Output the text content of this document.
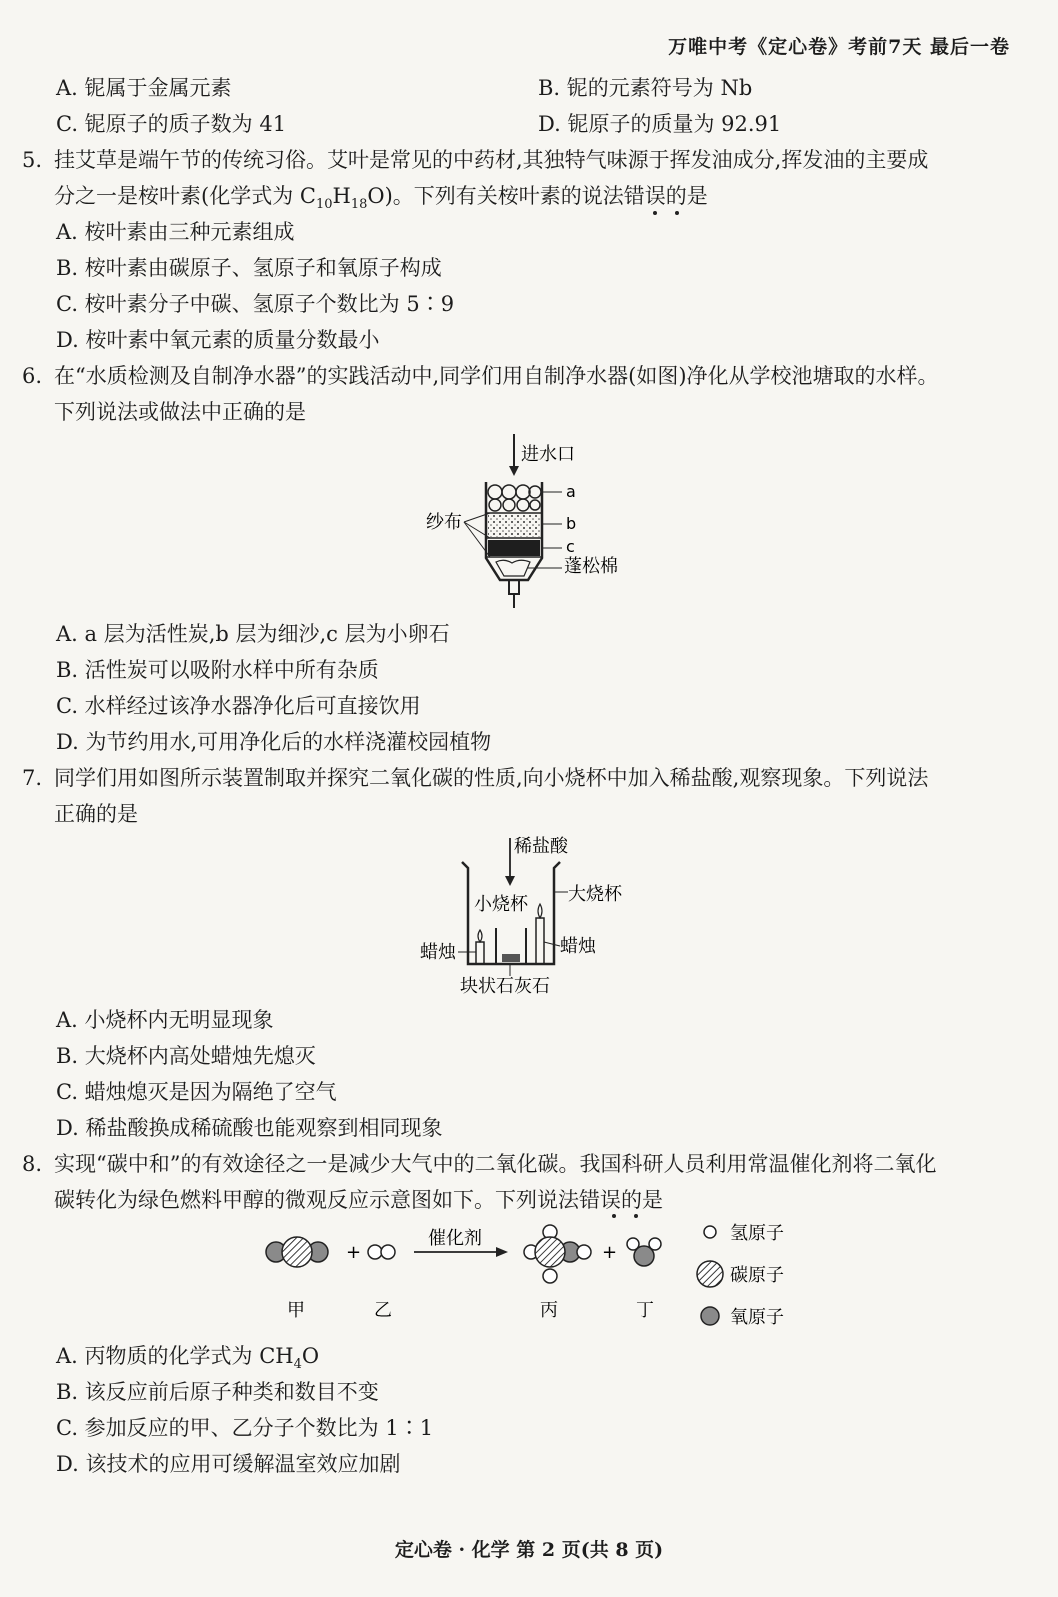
万唯中考《定心卷》考前7天 最后一卷
A. 铌属于金属元素	B. 铌的元素符号为 Nb
C. 铌原子的质子数为 41	D. 铌原子的质量为 92.91
5. 挂艾草是端午节的传统习俗。艾叶是常见的中药材,其独特气味源于挥发油成分,挥发油的主要成
分之一是桉叶素(化学式为 $C_{10}H_{18}O$)。下列有关桉叶素的说法错误的是
A. 桉叶素由三种元素组成
B. 桉叶素由碳原子、氢原子和氧原子构成
C. 桉叶素分子中碳、氢原子个数比为 5∶9
D. 桉叶素中氧元素的质量分数最小
6. 在“水质检测及自制净水器”的实践活动中,同学们用自制净水器(如图)净化从学校池塘取的水样。
下列说法或做法中正确的是
进水口
纱布
a
b
c
蓬松棉
A. a 层为活性炭,b 层为细沙,c 层为小卵石
B. 活性炭可以吸附水样中所有杂质
C. 水样经过该净水器净化后可直接饮用
D. 为节约用水,可用净化后的水样浇灌校园植物
7. 同学们用如图所示装置制取并探究二氧化碳的性质,向小烧杯中加入稀盐酸,观察现象。下列说法
正确的是
稀盐酸
大烧杯
小烧杯
蜡烛	蜡烛
块状石灰石
A. 小烧杯内无明显现象
B. 大烧杯内高处蜡烛先熄灭
C. 蜡烛熄灭是因为隔绝了空气
D. 稀盐酸换成稀硫酸也能观察到相同现象
8. 实现“碳中和”的有效途径之一是减少大气中的二氧化碳。我国科研人员利用常温催化剂将二氧化
碳转化为绿色燃料甲醇的微观反应示意图如下。下列说法错误的是
+
催化剂
+
甲	乙	丙	丁
氢原子
碳原子
氧原子
A. 丙物质的化学式为 $CH_4O$
B. 该反应前后原子种类和数目不变
C. 参加反应的甲、乙分子个数比为 1∶1
D. 该技术的应用可缓解温室效应加剧
定心卷 · 化学 第 2 页(共 8 页)
